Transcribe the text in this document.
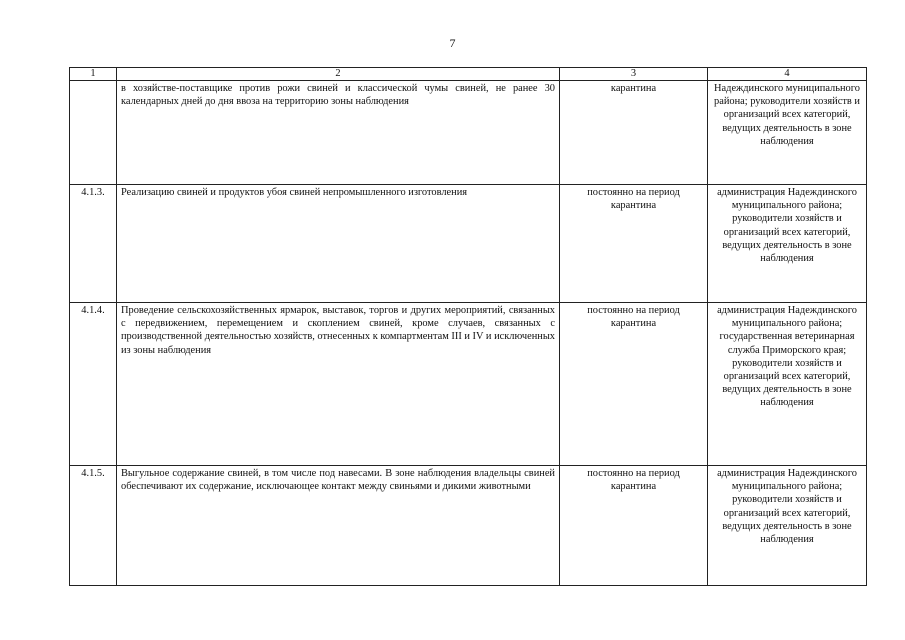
7
1	2	3	4
	в хозяйстве-поставщике против рожи свиней и классической чумы свиней, не ранее 30 календарных дней до дня ввоза на территорию зоны наблюдения	карантина	Надеждинского муниципального района; руководители хозяйств и организаций всех категорий, ведущих деятельность в зоне наблюдения
4.1.3.	Реализацию свиней и продуктов убоя свиней непромышленного изготовления	постоянно на период карантина	администрация Надеждинского муниципального района; руководители хозяйств и организаций всех категорий, ведущих деятельность в зоне наблюдения
4.1.4.	Проведение сельскохозяйственных ярмарок, выставок, торгов и других мероприятий, связанных с передвижением, перемещением и скоплением свиней, кроме случаев, связанных с производственной деятельностью хозяйств, отнесенных к компартментам III и IV и исключенных из зоны наблюдения	постоянно на период карантина	администрация Надеждинского муниципального района; государственная ветеринарная служба Приморского края; руководители хозяйств и организаций всех категорий, ведущих деятельность в зоне наблюдения
4.1.5.	Выгульное содержание свиней, в том числе под навесами. В зоне наблюдения владельцы свиней обеспечивают их содержание, исключающее контакт между свиньями и дикими животными	постоянно на период карантина	администрация Надеждинского муниципального района; руководители хозяйств и организаций всех категорий, ведущих деятельность в зоне наблюдения
